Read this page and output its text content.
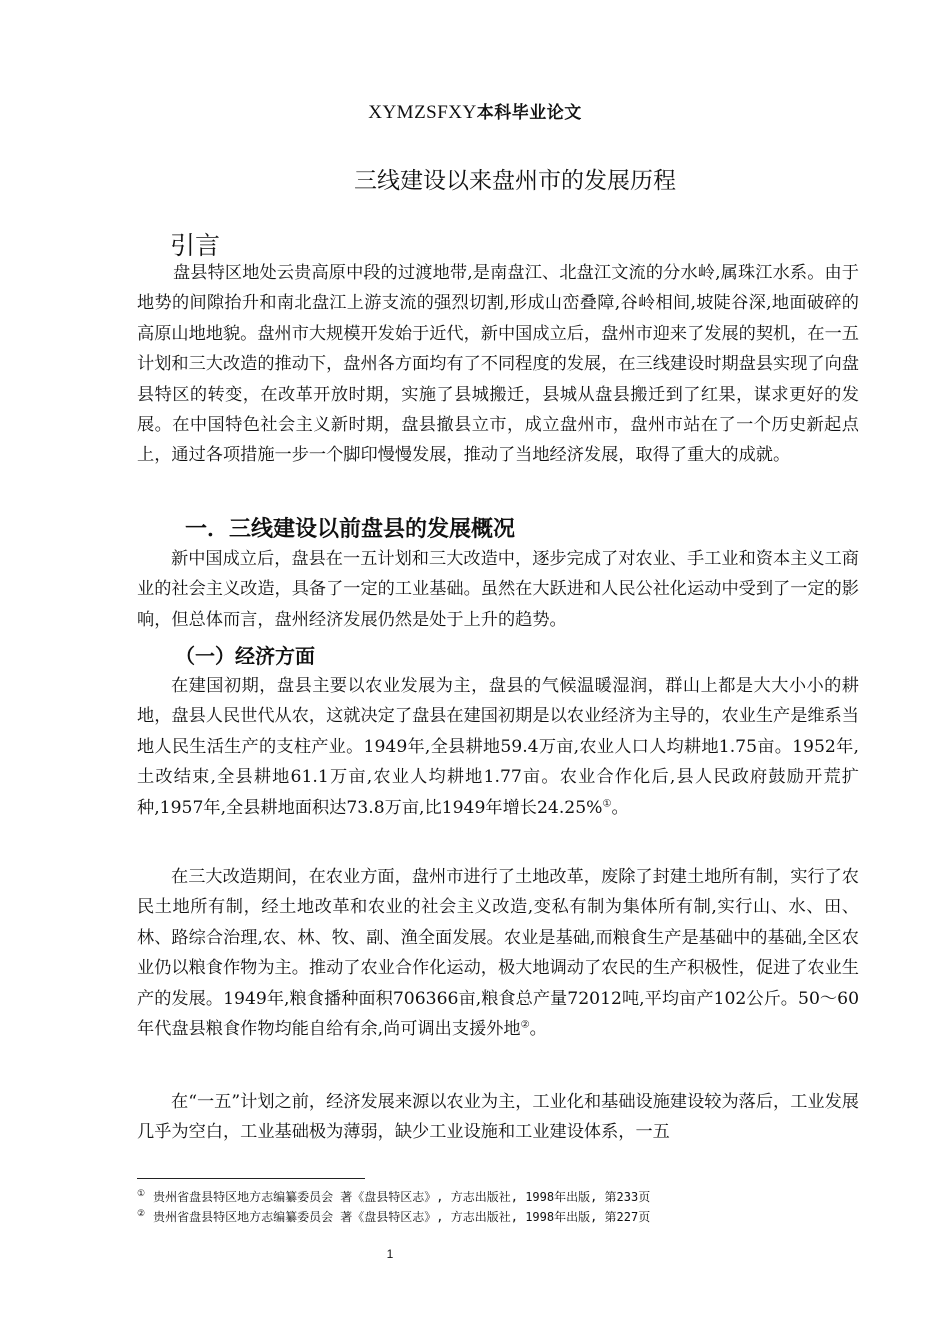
XYMZSFXY本科毕业论文
三线建设以来盘州市的发展历程
引言

盘县特区地处云贵高原中段的过渡地带,是南盘江、北盘江文流的分水岭,属珠江水系。由于地势的间隙抬升和南北盘江上游支流的强烈切割,形成山峦叠障,谷岭相间,坡陡谷深,地面破碎的高原山地地貌。盘州市大规模开发始于近代，新中国成立后，盘州市迎来了发展的契机，在一五计划和三大改造的推动下，盘州各方面均有了不同程度的发展，在三线建设时期盘县实现了向盘县特区的转变，在改革开放时期，实施了县城搬迁，县城从盘县搬迁到了红果，谋求更好的发展。在中国特色社会主义新时期，盘县撤县立市，成立盘州市，盘州市站在了一个历史新起点上，通过各项措施一步一个脚印慢慢发展，推动了当地经济发展，取得了重大的成就。

一．三线建设以前盘县的发展概况

新中国成立后，盘县在一五计划和三大改造中，逐步完成了对农业、手工业和资本主义工商业的社会主义改造，具备了一定的工业基础。虽然在大跃进和人民公社化运动中受到了一定的影响，但总体而言，盘州经济发展仍然是处于上升的趋势。

（一）经济方面

在建国初期，盘县主要以农业发展为主，盘县的气候温暖湿润，群山上都是大大小小的耕地，盘县人民世代从农，这就决定了盘县在建国初期是以农业经济为主导的，农业生产是维系当地人民生活生产的支柱产业。1949年,全县耕地59.4万亩,农业人口人均耕地1.75亩。1952年,土改结束,全县耕地61.1万亩,农业人均耕地1.77亩。农业合作化后,县人民政府鼓励开荒扩种,1957年,全县耕地面积达73.8万亩,比1949年增长24.25%①。

在三大改造期间，在农业方面，盘州市进行了土地改革，废除了封建土地所有制，实行了农民土地所有制，经土地改革和农业的社会主义改造,变私有制为集体所有制,实行山、水、田、林、路综合治理,农、林、牧、副、渔全面发展。农业是基础,而粮食生产是基础中的基础,全区农业仍以粮食作物为主。推动了农业合作化运动，极大地调动了农民的生产积极性，促进了农业生产的发展。1949年,粮食播种面积706366亩,粮食总产量72012吨,平均亩产102公斤。50～60年代盘县粮食作物均能自给有余,尚可调出支援外地②。

在“一五”计划之前，经济发展来源以农业为主，工业化和基础设施建设较为落后，工业发展几乎为空白，工业基础极为薄弱，缺少工业设施和工业建设体系，一五

① 贵州省盘县特区地方志编纂委员会 著《盘县特区志》, 方志出版社, 1998年出版, 第233页
② 贵州省盘县特区地方志编纂委员会 著《盘县特区志》, 方志出版社, 1998年出版, 第227页
1
